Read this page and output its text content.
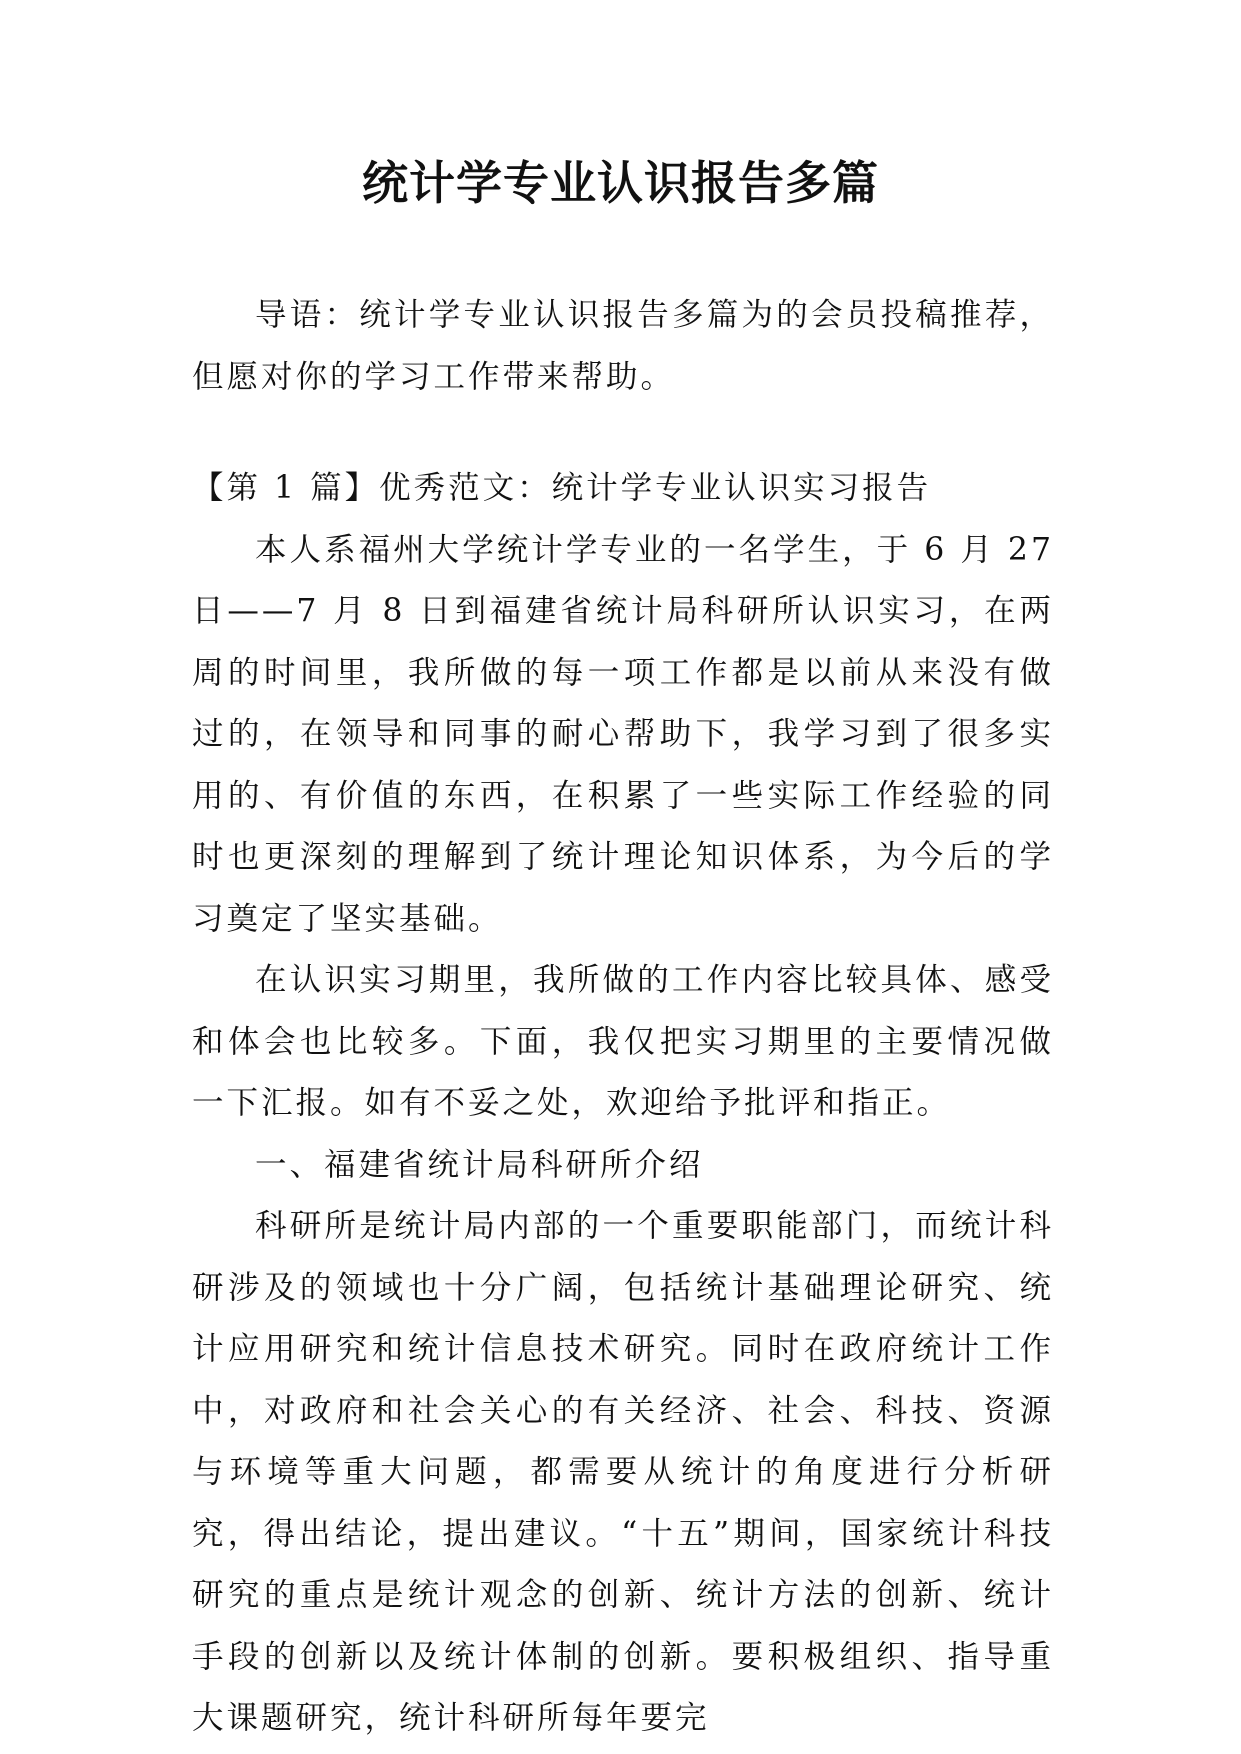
统计学专业认识报告多篇

导语：统计学专业认识报告多篇为的会员投稿推荐，但愿对你的学习工作带来帮助。

【第 1 篇】优秀范文：统计学专业认识实习报告

本人系福州大学统计学专业的一名学生，于 6 月 27 日——7 月 8 日到福建省统计局科研所认识实习，在两周的时间里，我所做的每一项工作都是以前从来没有做过的，在领导和同事的耐心帮助下，我学习到了很多实用的、有价值的东西，在积累了一些实际工作经验的同时也更深刻的理解到了统计理论知识体系，为今后的学习奠定了坚实基础。

在认识实习期里，我所做的工作内容比较具体、感受和体会也比较多。下面，我仅把实习期里的主要情况做一下汇报。如有不妥之处，欢迎给予批评和指正。

一、福建省统计局科研所介绍

科研所是统计局内部的一个重要职能部门，而统计科研涉及的领域也十分广阔，包括统计基础理论研究、统计应用研究和统计信息技术研究。同时在政府统计工作中，对政府和社会关心的有关经济、社会、科技、资源与环境等重大问题，都需要从统计的角度进行分析研究，得出结论，提出建议。“十五”期间，国家统计科技研究的重点是统计观念的创新、统计方法的创新、统计手段的创新以及统计体制的创新。要积极组织、指导重大课题研究，统计科研所每年要完
